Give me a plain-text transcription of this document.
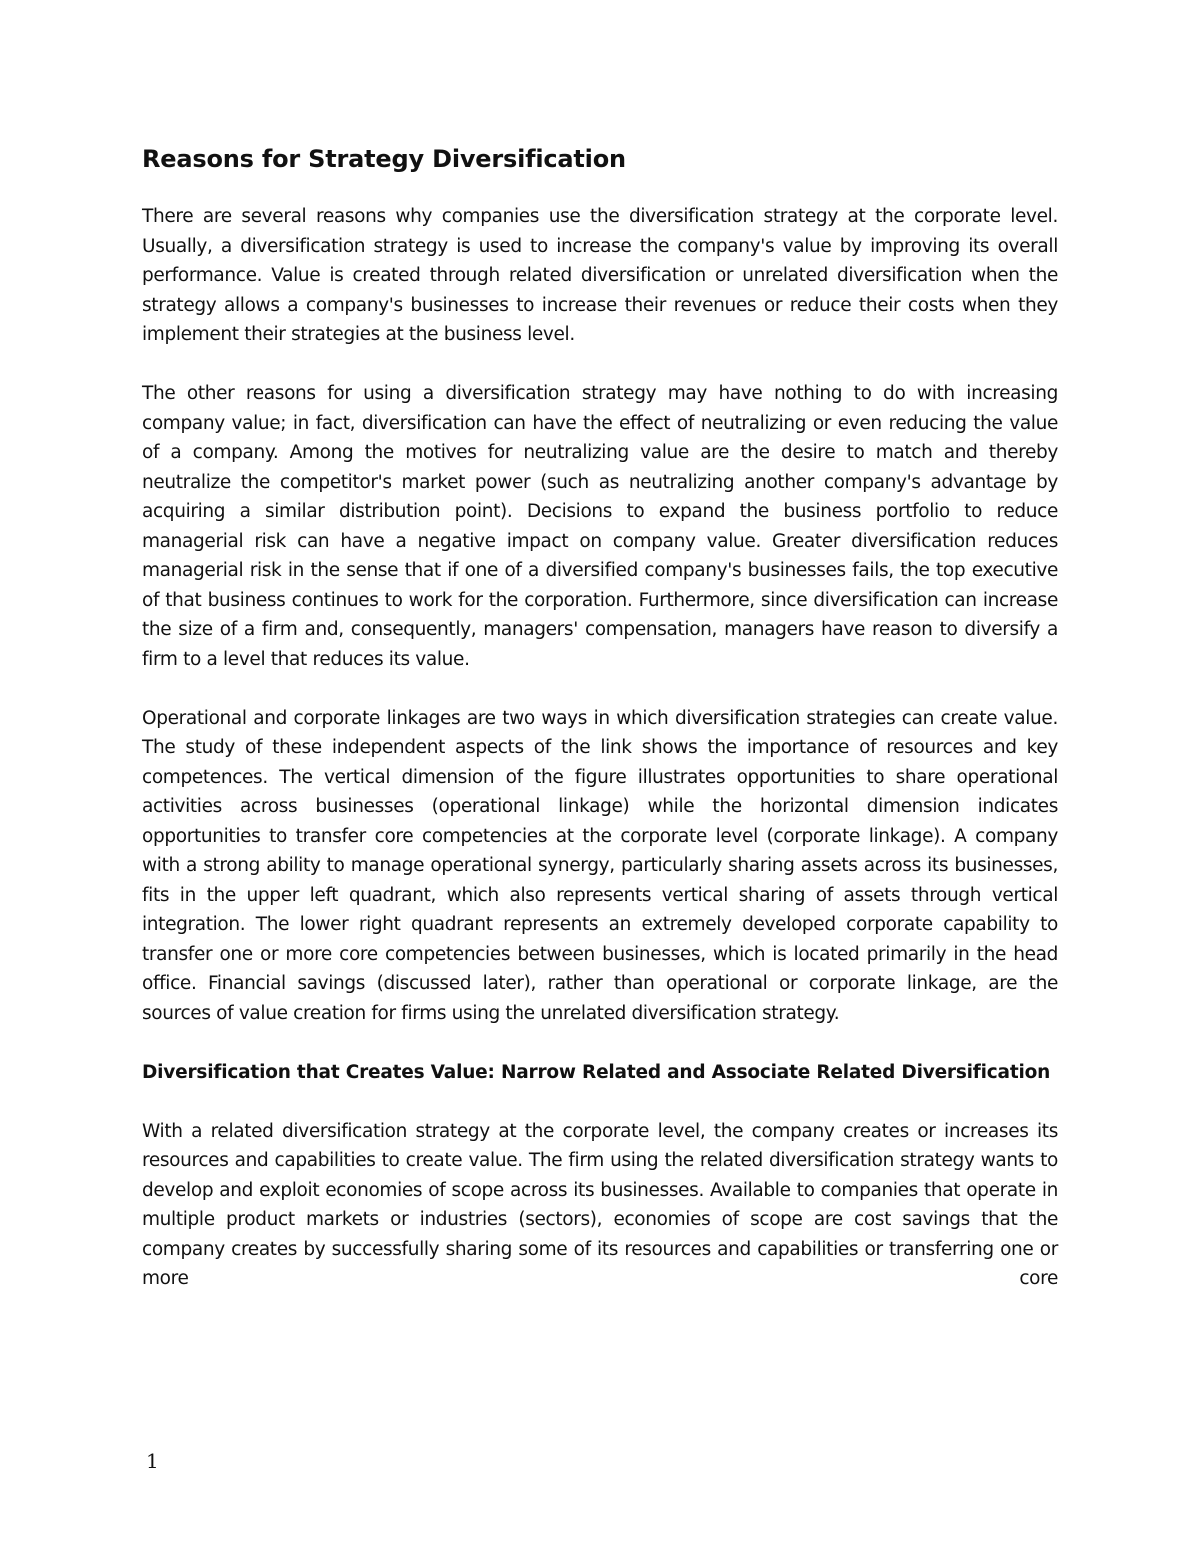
Reasons for Strategy Diversification

There are several reasons why companies use the diversification strategy at the corporate level. Usually, a diversification strategy is used to increase the company's value by improving its overall performance. Value is created through related diversification or unrelated diversification when the strategy allows a company's businesses to increase their revenues or reduce their costs when they implement their strategies at the business level.

The other reasons for using a diversification strategy may have nothing to do with increasing company value; in fact, diversification can have the effect of neutralizing or even reducing the value of a company. Among the motives for neutralizing value are the desire to match and thereby neutralize the competitor's market power (such as neutralizing another company's advantage by acquiring a similar distribution point). Decisions to expand the business portfolio to reduce managerial risk can have a negative impact on company value. Greater diversification reduces managerial risk in the sense that if one of a diversified company's businesses fails, the top executive of that business continues to work for the corporation. Furthermore, since diversification can increase the size of a firm and, consequently, managers' compensation, managers have reason to diversify a firm to a level that reduces its value.

Operational and corporate linkages are two ways in which diversification strategies can create value. The study of these independent aspects of the link shows the importance of resources and key competences. The vertical dimension of the figure illustrates opportunities to share operational activities across businesses (operational linkage) while the horizontal dimension indicates opportunities to transfer core competencies at the corporate level (corporate linkage). A company with a strong ability to manage operational synergy, particularly sharing assets across its businesses, fits in the upper left quadrant, which also represents vertical sharing of assets through vertical integration. The lower right quadrant represents an extremely developed corporate capability to transfer one or more core competencies between businesses, which is located primarily in the head office. Financial savings (discussed later), rather than operational or corporate linkage, are the sources of value creation for firms using the unrelated diversification strategy.

Diversification that Creates Value: Narrow Related and Associate Related Diversification

With a related diversification strategy at the corporate level, the company creates or increases its resources and capabilities to create value. The firm using the related diversification strategy wants to develop and exploit economies of scope across its businesses. Available to companies that operate in multiple product markets or industries (sectors), economies of scope are cost savings that the company creates by successfully sharing some of its resources and capabilities or transferring one or more core

1
